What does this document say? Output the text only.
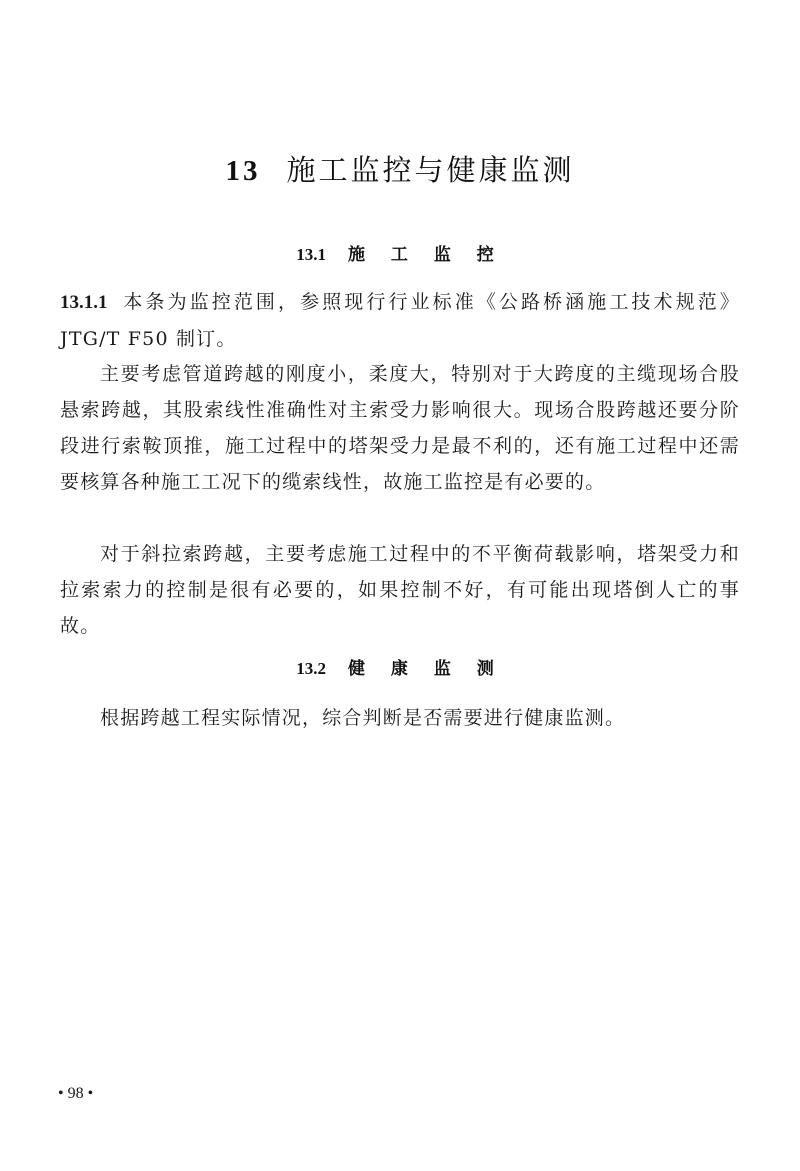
13 施工监控与健康监测
13.1 施 工 监 控
13.1.1 本条为监控范围，参照现行行业标准《公路桥涵施工技术规范》JTG/T F50 制订。
主要考虑管道跨越的刚度小，柔度大，特别对于大跨度的主缆现场合股悬索跨越，其股索线性准确性对主索受力影响很大。现场合股跨越还要分阶段进行索鞍顶推，施工过程中的塔架受力是最不利的，还有施工过程中还需要核算各种施工工况下的缆索线性，故施工监控是有必要的。
对于斜拉索跨越，主要考虑施工过程中的不平衡荷载影响，塔架受力和拉索索力的控制是很有必要的，如果控制不好，有可能出现塔倒人亡的事故。
13.2 健 康 监 测
根据跨越工程实际情况，综合判断是否需要进行健康监测。
• 98 •
